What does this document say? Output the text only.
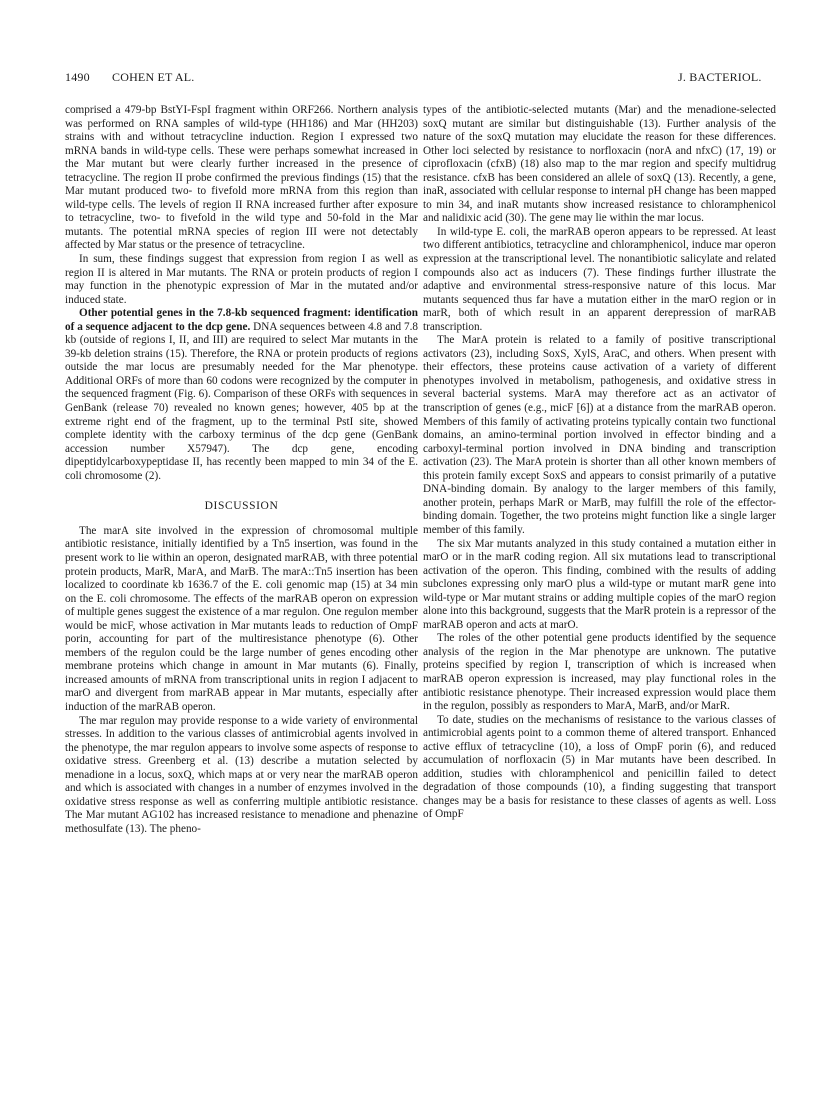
1490 COHEN ET AL.	J. BACTERIOL.

comprised a 479-bp BstYI-FspI fragment within ORF266. Northern analysis was performed on RNA samples of wild-type (HH186) and Mar (HH203) strains with and without tetracycline induction. Region I expressed two mRNA bands in wild-type cells. These were perhaps somewhat increased in the Mar mutant but were clearly further increased in the presence of tetracycline. The region II probe confirmed the previous findings (15) that the Mar mutant produced two- to fivefold more mRNA from this region than wild-type cells. The levels of region II RNA increased further after exposure to tetracycline, two- to fivefold in the wild type and 50-fold in the Mar mutants. The potential mRNA species of region III were not detectably affected by Mar status or the presence of tetracycline.

In sum, these findings suggest that expression from region I as well as region II is altered in Mar mutants. The RNA or protein products of region I may function in the phenotypic expression of Mar in the mutated and/or induced state.

Other potential genes in the 7.8-kb sequenced fragment: identification of a sequence adjacent to the dcp gene. DNA sequences between 4.8 and 7.8 kb (outside of regions I, II, and III) are required to select Mar mutants in the 39-kb deletion strains (15). Therefore, the RNA or protein products of regions outside the mar locus are presumably needed for the Mar phenotype. Additional ORFs of more than 60 codons were recognized by the computer in the sequenced fragment (Fig. 6). Comparison of these ORFs with sequences in GenBank (release 70) revealed no known genes; however, 405 bp at the extreme right end of the fragment, up to the terminal PstI site, showed complete identity with the carboxy terminus of the dcp gene (GenBank accession number X57947). The dcp gene, encoding dipeptidylcarboxypeptidase II, has recently been mapped to min 34 of the E. coli chromosome (2).

DISCUSSION

The marA site involved in the expression of chromosomal multiple antibiotic resistance, initially identified by a Tn5 insertion, was found in the present work to lie within an operon, designated marRAB, with three potential protein products, MarR, MarA, and MarB. The marA::Tn5 insertion has been localized to coordinate kb 1636.7 of the E. coli genomic map (15) at 34 min on the E. coli chromosome. The effects of the marRAB operon on expression of multiple genes suggest the existence of a mar regulon. One regulon member would be micF, whose activation in Mar mutants leads to reduction of OmpF porin, accounting for part of the multiresistance phenotype (6). Other members of the regulon could be the large number of genes encoding other membrane proteins which change in amount in Mar mutants (6). Finally, increased amounts of mRNA from transcriptional units in region I adjacent to marO and divergent from marRAB appear in Mar mutants, especially after induction of the marRAB operon.

The mar regulon may provide response to a wide variety of environmental stresses. In addition to the various classes of antimicrobial agents involved in the phenotype, the mar regulon appears to involve some aspects of response to oxidative stress. Greenberg et al. (13) describe a mutation selected by menadione in a locus, soxQ, which maps at or very near the marRAB operon and which is associated with changes in a number of enzymes involved in the oxidative stress response as well as conferring multiple antibiotic resistance. The Mar mutant AG102 has increased resistance to menadione and phenazine methosulfate (13). The pheno-

types of the antibiotic-selected mutants (Mar) and the menadione-selected soxQ mutant are similar but distinguishable (13). Further analysis of the nature of the soxQ mutation may elucidate the reason for these differences. Other loci selected by resistance to norfloxacin (norA and nfxC) (17, 19) or ciprofloxacin (cfxB) (18) also map to the mar region and specify multidrug resistance. cfxB has been considered an allele of soxQ (13). Recently, a gene, inaR, associated with cellular response to internal pH change has been mapped to min 34, and inaR mutants show increased resistance to chloramphenicol and nalidixic acid (30). The gene may lie within the mar locus.

In wild-type E. coli, the marRAB operon appears to be repressed. At least two different antibiotics, tetracycline and chloramphenicol, induce mar operon expression at the transcriptional level. The nonantibiotic salicylate and related compounds also act as inducers (7). These findings further illustrate the adaptive and environmental stress-responsive nature of this locus. Mar mutants sequenced thus far have a mutation either in the marO region or in marR, both of which result in an apparent derepression of marRAB transcription.

The MarA protein is related to a family of positive transcriptional activators (23), including SoxS, XylS, AraC, and others. When present with their effectors, these proteins cause activation of a variety of different phenotypes involved in metabolism, pathogenesis, and oxidative stress in several bacterial systems. MarA may therefore act as an activator of transcription of genes (e.g., micF [6]) at a distance from the marRAB operon. Members of this family of activating proteins typically contain two functional domains, an amino-terminal portion involved in effector binding and a carboxyl-terminal portion involved in DNA binding and transcription activation (23). The MarA protein is shorter than all other known members of this protein family except SoxS and appears to consist primarily of a putative DNA-binding domain. By analogy to the larger members of this family, another protein, perhaps MarR or MarB, may fulfill the role of the effector-binding domain. Together, the two proteins might function like a single larger member of this family.

The six Mar mutants analyzed in this study contained a mutation either in marO or in the marR coding region. All six mutations lead to transcriptional activation of the operon. This finding, combined with the results of adding subclones expressing only marO plus a wild-type or mutant marR gene into wild-type or Mar mutant strains or adding multiple copies of the marO region alone into this background, suggests that the MarR protein is a repressor of the marRAB operon and acts at marO.

The roles of the other potential gene products identified by the sequence analysis of the region in the Mar phenotype are unknown. The putative proteins specified by region I, transcription of which is increased when marRAB operon expression is increased, may play functional roles in the antibiotic resistance phenotype. Their increased expression would place them in the regulon, possibly as responders to MarA, MarB, and/or MarR.

To date, studies on the mechanisms of resistance to the various classes of antimicrobial agents point to a common theme of altered transport. Enhanced active efflux of tetracycline (10), a loss of OmpF porin (6), and reduced accumulation of norfloxacin (5) in Mar mutants have been described. In addition, studies with chloramphenicol and penicillin failed to detect degradation of those compounds (10), a finding suggesting that transport changes may be a basis for resistance to these classes of agents as well. Loss of OmpF
